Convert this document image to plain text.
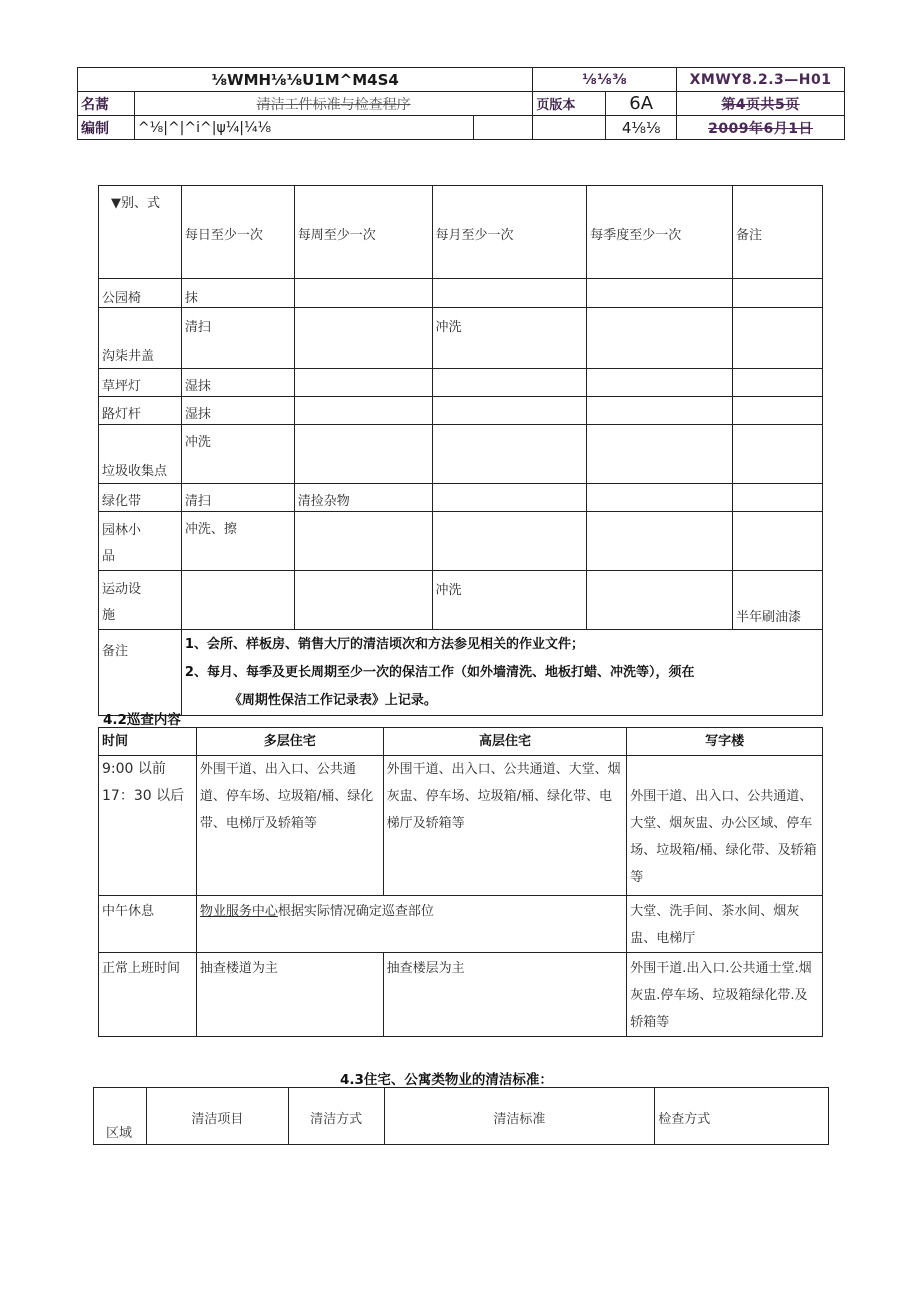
⅛WMH⅛⅛U1M^M4S4			⅛⅛⅜		XMWY8.2.3—H01
名蒿	清洁工件标准与检查程序		页版本	6A	第4页共5页
编制	^⅛|^|^i^|ψ¼|¼⅛			4⅛⅛	2009年6月1日
▼别、式	每日至少一次	每周至少一次	每月至少一次	每季度至少一次	备注
公园椅	抹				
沟柒井盖	清扫		冲洗		
草坪灯	湿抹				
路灯杆	湿抹				
垃圾收集点	冲洗				
绿化带	清扫	清捡杂物			
园林小
品	冲洗、擦				
运动设
施			冲洗		半年刷油漆
备注	1、会所、样板房、销售大厅的清洁顷次和方法参见相关的作业文件；
2、每月、每季及更长周期至少一次的保洁工作（如外墙清洗、地板打蜡、冲洗等），须在
《周期性保洁工作记录表》上记录。				
4.2巡查内容
时间	多层住宅	高层住宅	写字楼
9:00 以前
17：30 以后	外围干道、出入口、公共通道、停车场、垃圾箱/桶、绿化带、电梯厅及轿箱等	外围干道、出入口、公共通道、大堂、烟灰盅、停车场、垃圾箱/桶、绿化带、电梯厅及轿箱等	外围干道、出入口、公共通道、大堂、烟灰盅、办公区域、停车场、垃圾箱/桶、绿化带、及轿箱等
中午休息	物业服务中心根据实际情况确定巡查部位		大堂、洗手间、茶水间、烟灰盅、电梯厅
正常上班时间	抽查楼道为主	抽查楼层为主	外围干道.出入口.公共通士堂.烟灰盅.停车场、垃圾箱绿化带.及轿箱等
4.3住宅、公寓类物业的清洁标准：
区域	清洁项目	清洁方式	清洁标准	检查方式
